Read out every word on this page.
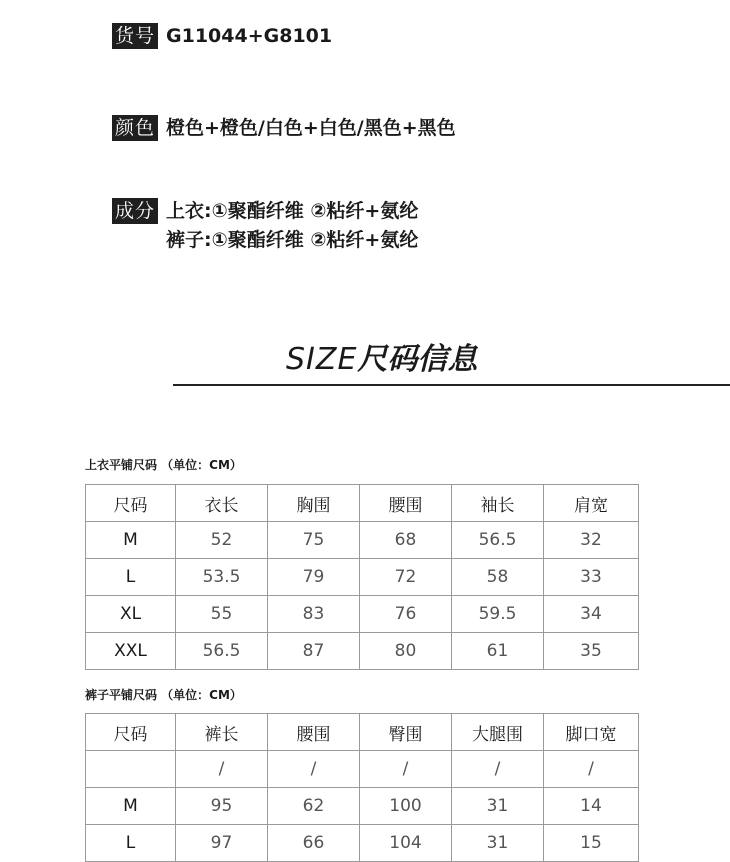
货号 G11044+G8101
颜色 橙色+橙色/白色+白色/黑色+黑色
成分 上衣:①聚酯纤维 ②粘纤+氨纶
裤子:①聚酯纤维 ②粘纤+氨纶
SIZE尺码信息
上衣平铺尺码 （单位：CM）
尺码	衣长	胸围	腰围	袖长	肩宽
M	52	75	68	56.5	32
L	53.5	79	72	58	33
XL	55	83	76	59.5	34
XXL	56.5	87	80	61	35
裤子平铺尺码 （单位：CM）
尺码	裤长	腰围	臀围	大腿围	脚口宽
	/	/	/	/	/
M	95	62	100	31	14
L	97	66	104	31	15
